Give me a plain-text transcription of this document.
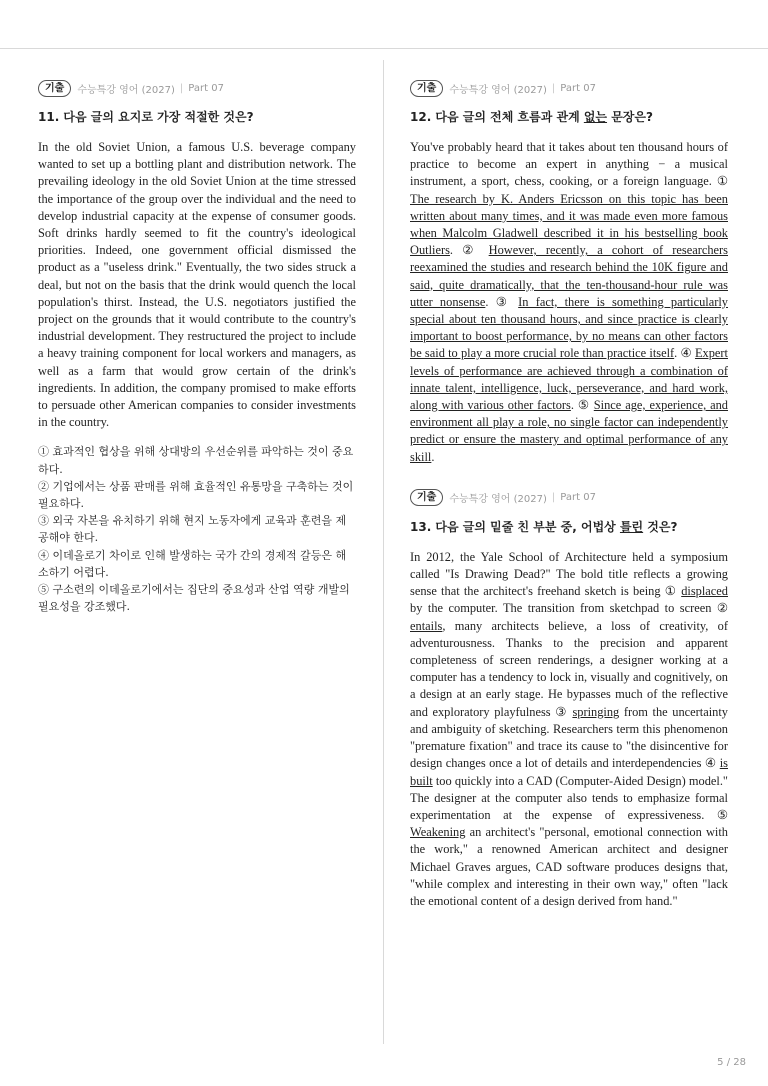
기출	수능특강 영어 (2027) | Part 07

11. 다음 글의 요지로 가장 적절한 것은?

In the old Soviet Union, a famous U.S. beverage company wanted to set up a bottling plant and distribution network. The prevailing ideology in the old Soviet Union at the time stressed the importance of the group over the individual and the need to develop industrial capacity at the expense of consumer goods. Soft drinks hardly seemed to fit the country's ideological priorities. Indeed, one government official dismissed the product as a "useless drink." Eventually, the two sides struck a deal, but not on the basis that the drink would quench the local population's thirst. Instead, the U.S. negotiators justified the project on the grounds that it would contribute to the country's industrial development. They restructured the project to include a heavy training component for local workers and managers, as well as a farm that would grow certain of the drink's ingredients. In addition, the company promised to make efforts to persuade other American companies to consider investments in the country.

① 효과적인 협상을 위해 상대방의 우선순위를 파악하는 것이 중요하다.

② 기업에서는 상품 판매를 위해 효율적인 유통망을 구축하는 것이 필요하다.

③ 외국 자본을 유치하기 위해 현지 노동자에게 교육과 훈련을 제공해야 한다.

④ 이데올로기 차이로 인해 발생하는 국가 간의 경제적 갈등은 해소하기 어렵다.

⑤ 구소련의 이데올로기에서는 집단의 중요성과 산업 역량 개발의 필요성을 강조했다.

기출	수능특강 영어 (2027) | Part 07

12. 다음 글의 전체 흐름과 관계 없는 문장은?

You've probably heard that it takes about ten thousand hours of practice to become an expert in anything − a musical instrument, a sport, chess, cooking, or a foreign language. ① The research by K. Anders Ericsson on this topic has been written about many times, and it was made even more famous when Malcolm Gladwell described it in his bestselling book Outliers. ② However, recently, a cohort of researchers reexamined the studies and research behind the 10K figure and said, quite dramatically, that the ten-thousand-hour rule was utter nonsense. ③ In fact, there is something particularly special about ten thousand hours, and since practice is clearly important to boost performance, by no means can other factors be said to play a more crucial role than practice itself. ④ Expert levels of performance are achieved through a combination of innate talent, intelligence, luck, perseverance, and hard work, along with various other factors. ⑤ Since age, experience, and environment all play a role, no single factor can independently predict or ensure the mastery and optimal performance of any skill.

기출	수능특강 영어 (2027) | Part 07

13. 다음 글의 밑줄 친 부분 중, 어법상 틀린 것은?

In 2012, the Yale School of Architecture held a symposium called "Is Drawing Dead?" The bold title reflects a growing sense that the architect's freehand sketch is being ① displaced by the computer. The transition from sketchpad to screen ② entails, many architects believe, a loss of creativity, of adventurousness. Thanks to the precision and apparent completeness of screen renderings, a designer working at a computer has a tendency to lock in, visually and cognitively, on a design at an early stage. He bypasses much of the reflective and exploratory playfulness ③ springing from the uncertainty and ambiguity of sketching. Researchers term this phenomenon "premature fixation" and trace its cause to "the disincentive for design changes once a lot of details and interdependencies ④ is built too quickly into a CAD (Computer-Aided Design) model." The designer at the computer also tends to emphasize formal experimentation at the expense of expressiveness. ⑤ Weakening an architect's "personal, emotional connection with the work," a renowned American architect and designer Michael Graves argues, CAD software produces designs that, "while complex and interesting in their own way," often "lack the emotional content of a design derived from hand."

5 / 28
